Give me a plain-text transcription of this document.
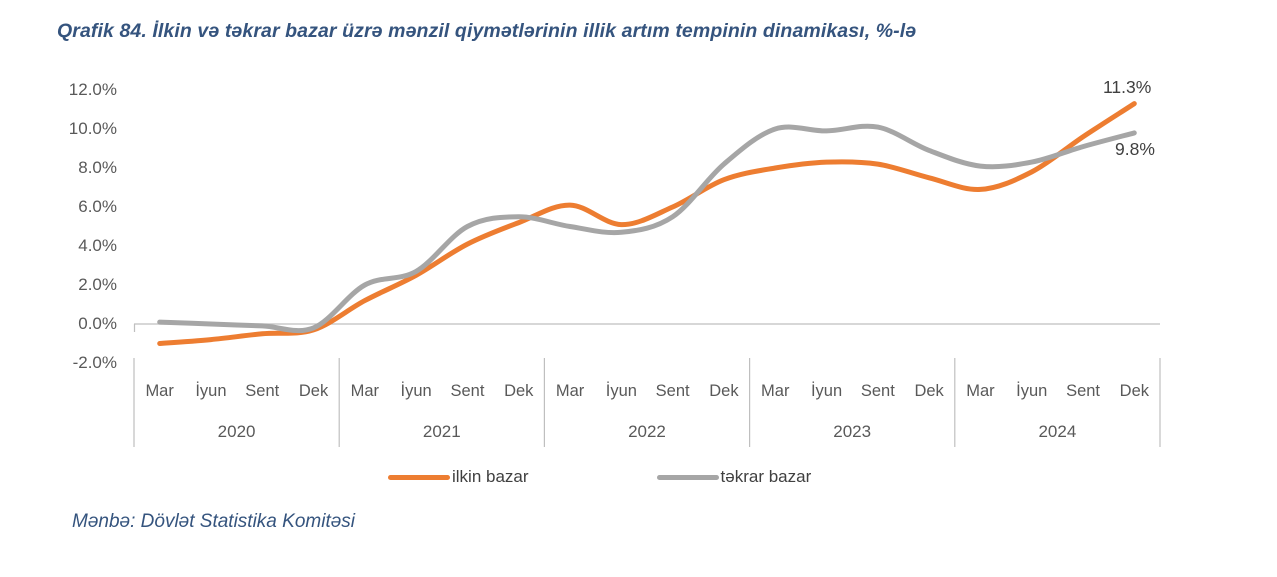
Qrafik 84. İlkin və təkrar bazar üzrə mənzil qiymətlərinin illik artım tempinin dinamikası, %-lə
12.0%
10.0%
8.0%
6.0%
4.0%
2.0%
0.0%
-2.0%
Mar	İyun	Sent	Dek
2020
Mar	İyun	Sent	Dek
2021
Mar	İyun	Sent	Dek
2022
Mar	İyun	Sent	Dek
2023
Mar	İyun	Sent	Dek
2024
11.3%
9.8%
ilkin bazar	təkrar bazar
Mənbə: Dövlət Statistika Komitəsi
